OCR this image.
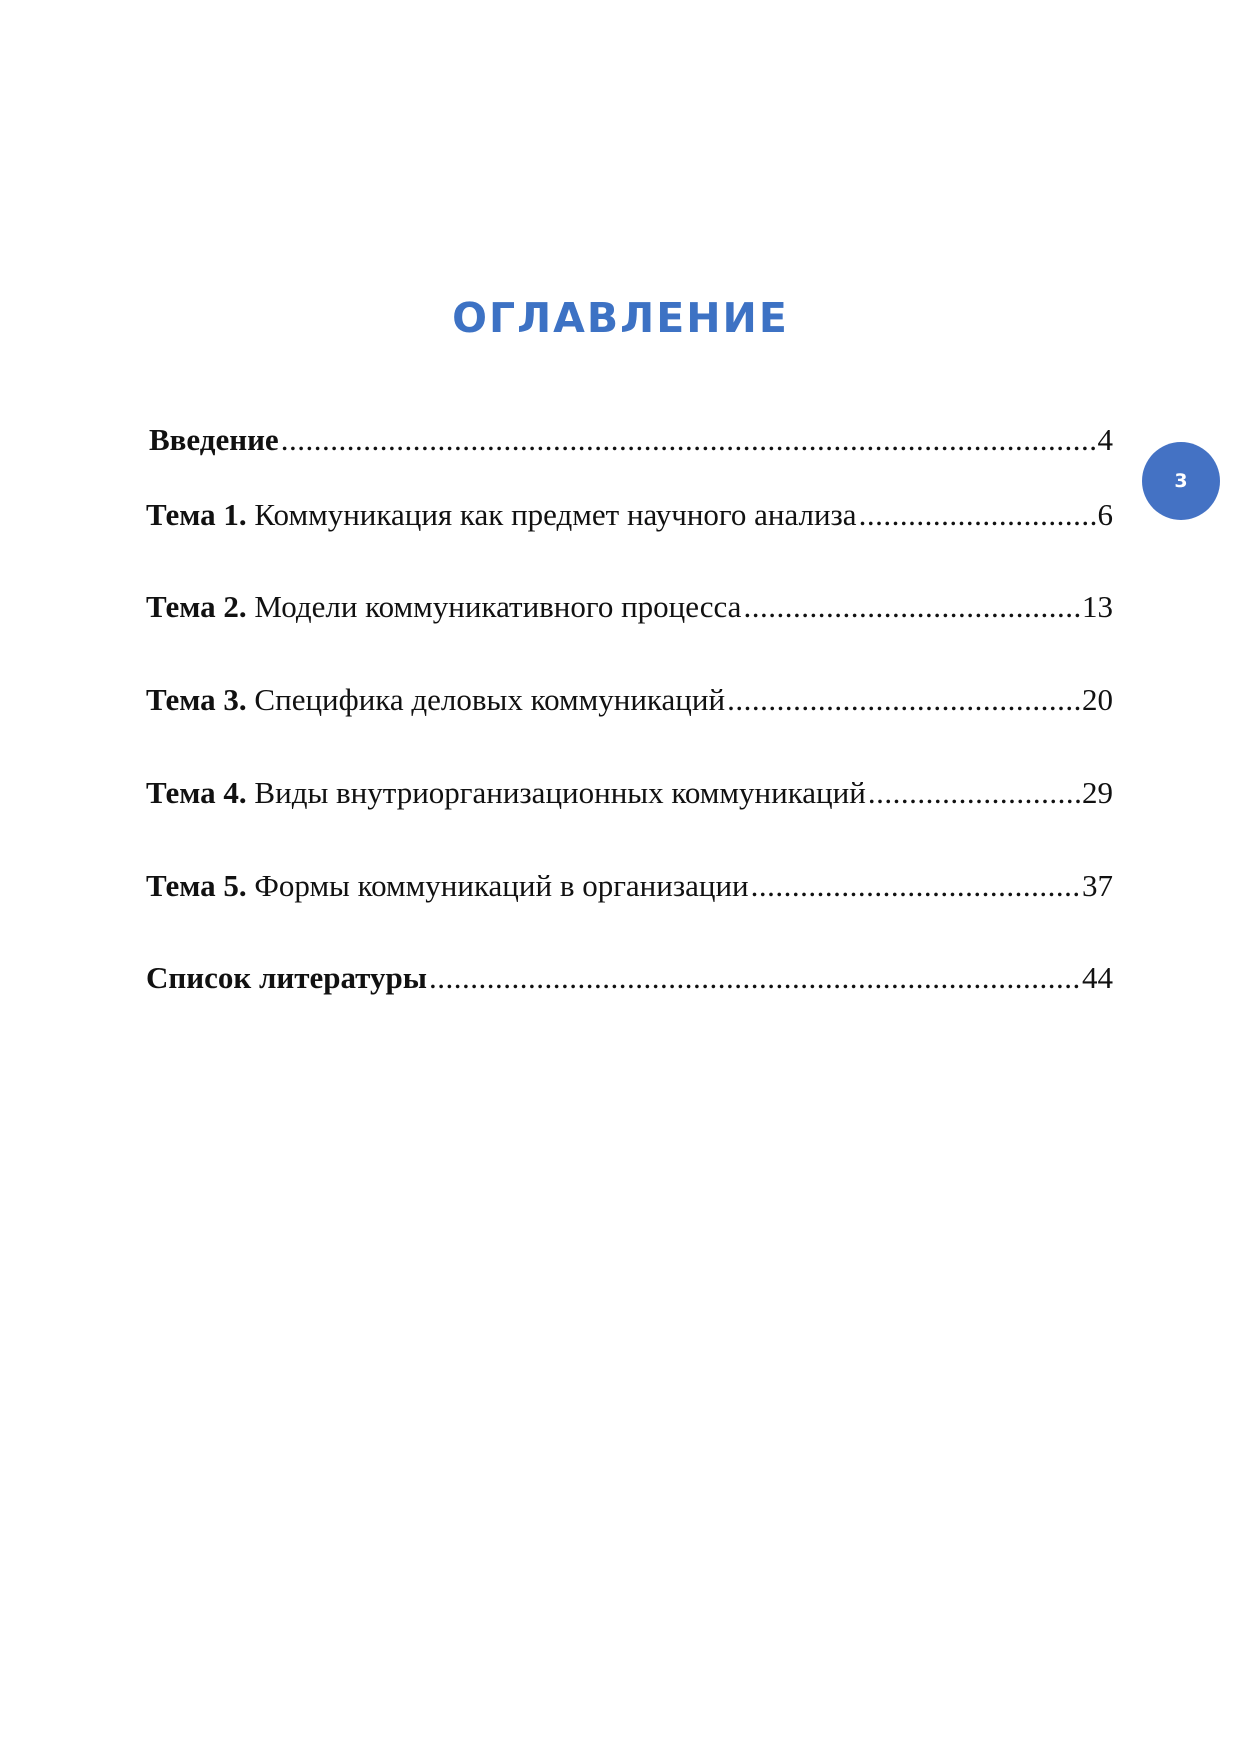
ОГЛАВЛЕНИЕ
3
Введение .....	4
Тема 1. Коммуникация как предмет научного анализа .....	6
Тема 2. Модели коммуникативного процесса .....	13
Тема 3. Специфика деловых коммуникаций .....	20
Тема 4. Виды внутриорганизационных коммуникаций .....	29
Тема 5. Формы коммуникаций в организации .....	37
Список литературы .....	44
